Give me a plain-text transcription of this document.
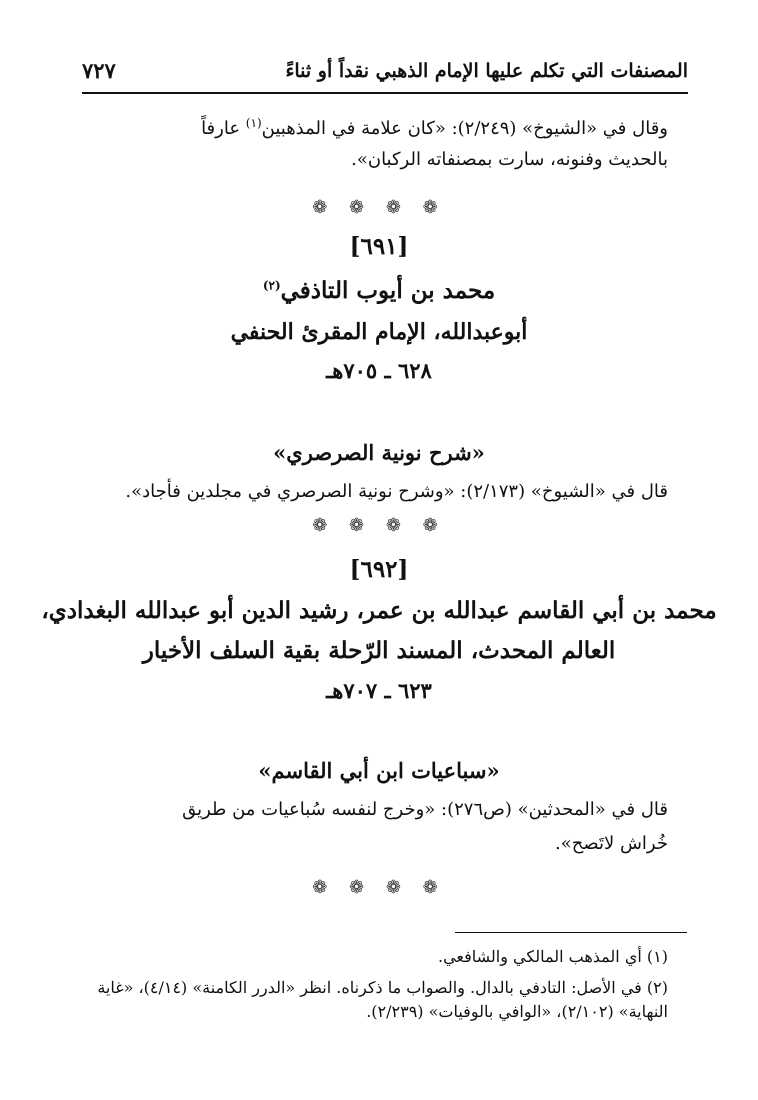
المصنفات التي تكلم عليها الإمام الذهبي نقداً أو ثناءً
٧٢٧
وقال في «الشيوخ» (٢/٢٤٩): «كان علامة في المذهبين$^{(١)}$ عارفاً
بالحديث وفنونه، سارت بمصنفاته الركبان».
❁ ❁ ❁ ❁
[٦٩١]
محمد بن أيوب التاذفي$^{(٢)}$
أبوعبدالله، الإمام المقرئ الحنفي
٦٢٨ ـ ٧٠٥هـ
«شرح نونية الصرصري»
قال في «الشيوخ» (٢/١٧٣): «وشرح نونية الصرصري في مجلدين فأجاد».
❁ ❁ ❁ ❁
[٦٩٢]
محمد بن أبي القاسم عبدالله بن عمر، رشيد الدين أبو عبدالله البغدادي،
العالم المحدث، المسند الرّحلة بقية السلف الأخيار
٦٢٣ ـ ٧٠٧هـ
«سباعيات ابن أبي القاسم»
قال في «المحدثين» (ص٢٧٦): «وخرج لنفسه سُباعيات من طريق
خُراش لاتَصح».
❁ ❁ ❁ ❁
(١) أي المذهب المالكي والشافعي.
(٢) في الأصل: التادفي بالدال. والصواب ما ذكرناه. انظر «الدرر الكامنة» (٤/١٤)، «غاية
النهاية» (٢/١٠٢)، «الوافي بالوفيات» (٢/٢٣٩).
